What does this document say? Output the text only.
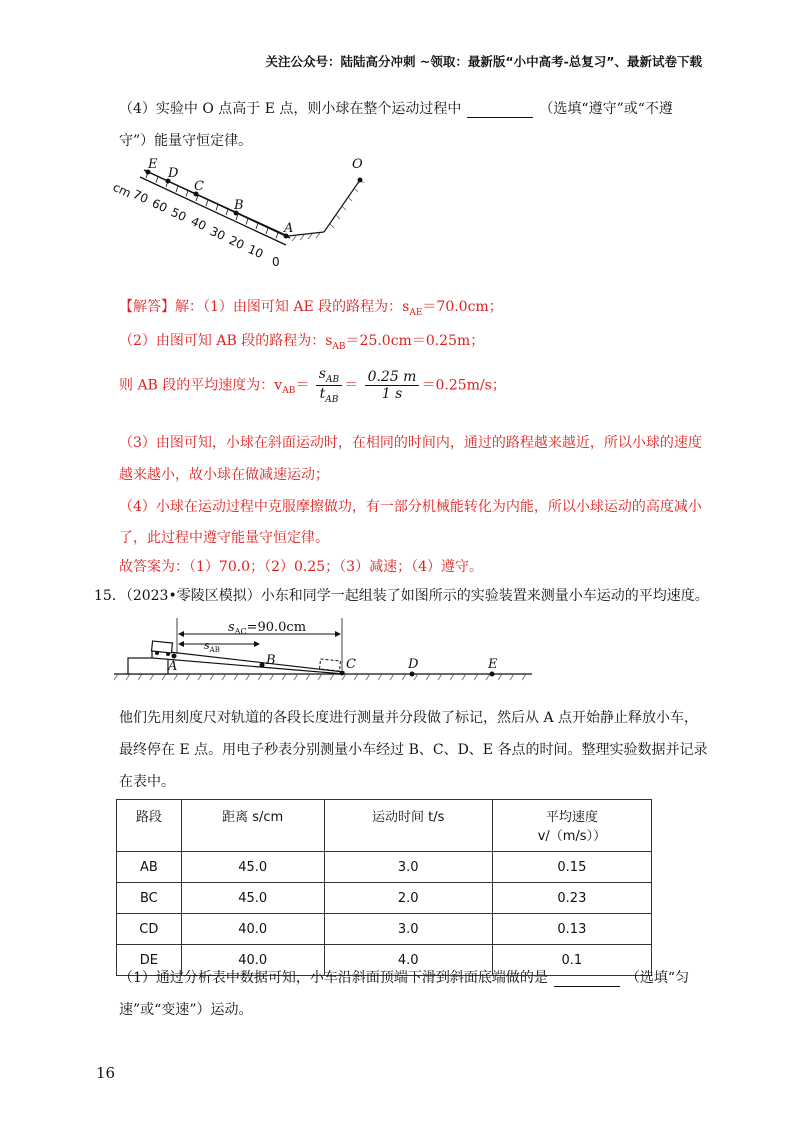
关注公众号：陆陆高分冲刺 ~领取：最新版“小中高考-总复习”、最新试卷下载
（4）实验中 O 点高于 E 点，则小球在整个运动过程中	（选填“遵守”或“不遵
守”）能量守恒定律。
E
D
C
B
A
O
cm
70 60 50 40
30 20 10
0
【解答】解：（1）由图可知 AE 段的路程为：$s_{AE}=70.0cm$；
（2）由图可知 AB 段的路程为：$s_{AB}=25.0cm=0.25m$；
则 AB 段的平均速度为：$v_{AB}= \frac{s_{AB}}{t_{AB}} = \frac{0.25 m}{1 s} =0.25m/s$；
（3）由图可知，小球在斜面运动时，在相同的时间内，通过的路程越来越近，所以小球的速度
越来越小，故小球在做减速运动；
（4）小球在运动过程中克服摩擦做功，有一部分机械能转化为内能，所以小球运动的高度减小
了，此过程中遵守能量守恒定律。
故答案为：（1）70.0；（2）0.25；（3）减速；（4）遵守。
15．（2023•零陵区模拟）小东和同学一起组装了如图所示的实验装置来测量小车运动的平均速度。
$s_{AC}=90.0cm$
$s_{AB}$
A	B	C	D	E
他们先用刻度尺对轨道的各段长度进行测量并分段做了标记，然后从 A 点开始静止释放小车，
最终停在 E 点。用电子秒表分别测量小车经过 B、C、D、E 各点的时间。整理实验数据并记录
在表中。
路段	距离 s/cm	运动时间 t/s	平均速度
v/（m/s））
AB	45.0	3.0	0.15
BC	45.0	2.0	0.23
CD	40.0	3.0	0.13
DE	40.0	4.0	0.1
（1）通过分析表中数据可知，小车沿斜面顶端下滑到斜面底端做的是	（选填“匀
速”或“变速”）运动。
16
